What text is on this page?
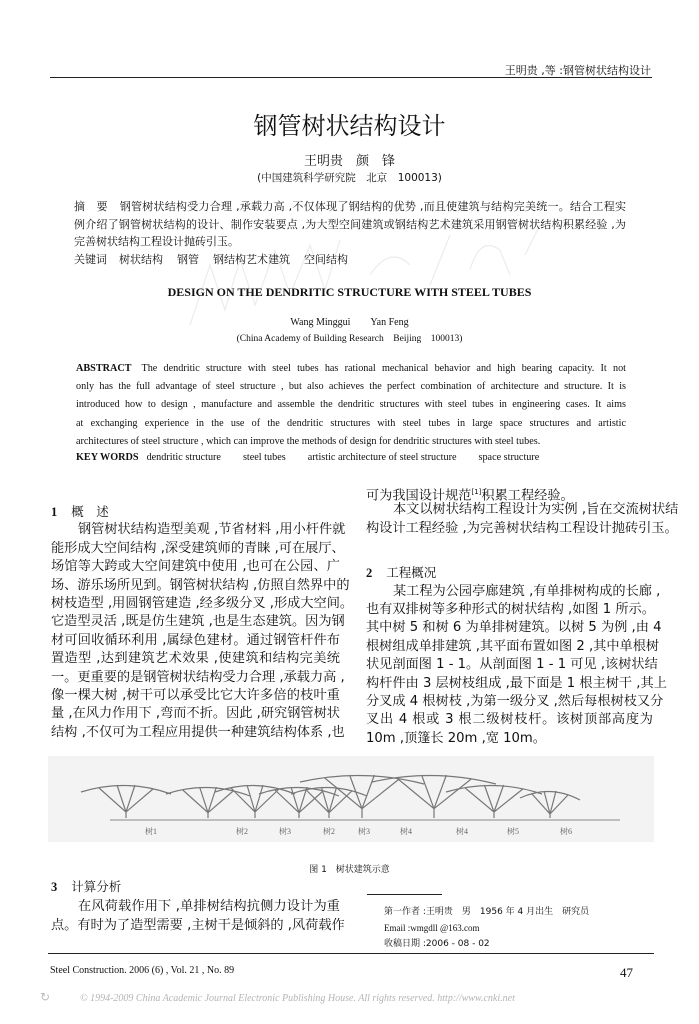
王明贵 ,等 :钢管树状结构设计
钢管树状结构设计
王明贵　颜　锋
(中国建筑科学研究院　北京　100013)
摘　要 钢管树状结构受力合理 ,承载力高 ,不仅体现了钢结构的优势 ,而且使建筑与结构完美统一。结合工程实
例介绍了钢管树状结构的设计、制作安装要点 ,为大型空间建筑或钢结构艺术建筑采用钢管树状结构积累经验 ,为
完善树状结构工程设计抛砖引玉。
关键词 树状结构 钢管 钢结构艺术建筑 空间结构
DESIGN ON THE DENDRITIC STRUCTURE WITH STEEL TUBES
Wang Minggui　　Yan Feng
(China Academy of Building Research　Beijing　100013)
ABSTRACT The dendritic structure with steel tubes has rational mechanical behavior and high bearing capacity. It not
only has the full advantage of steel structure , but also achieves the perfect combination of architecture and structure. It is
introduced how to design , manufacture and assemble the dendritic structures with steel tubes in engineering cases. It aims
at exchanging experience in the use of the dendritic structures with steel tubes in large space structures and artistic
architectures of steel structure , which can improve the methods of design for dendritic structures with steel tubes.
KEY WORDS dendritic structure steel tubes artistic architecture of steel structure space structure
1 概　述
钢管树状结构造型美观 ,节省材料 ,用小杆件就
能形成大空间结构 ,深受建筑师的青睐 ,可在展厅、
场馆等大跨或大空间建筑中使用 ,也可在公园、广
场、游乐场所见到。钢管树状结构 ,仿照自然界中的
树枝造型 ,用圆钢管建造 ,经多级分叉 ,形成大空间。
它造型灵活 ,既是仿生建筑 ,也是生态建筑。因为钢
材可回收循环利用 ,属绿色建材。通过钢管杆件布
置造型 ,达到建筑艺术效果 ,使建筑和结构完美统
一。更重要的是钢管树状结构受力合理 ,承载力高 ,
像一棵大树 ,树干可以承受比它大许多倍的枝叶重
量 ,在风力作用下 ,弯而不折。因此 ,研究钢管树状
结构 ,不仅可为工程应用提供一种建筑结构体系 ,也
可为我国设计规范[1]积累工程经验。
本文以树状结构工程设计为实例 ,旨在交流树状结
构设计工程经验 ,为完善树状结构工程设计抛砖引玉。
2 工程概况
某工程为公园亭廊建筑 ,有单排树构成的长廊 ,
也有双排树等多种形式的树状结构 ,如图 1 所示。
其中树 5 和树 6 为单排树建筑。以树 5 为例 ,由 4
根树组成单排建筑 ,其平面布置如图 2 ,其中单根树
状见剖面图 1 - 1。从剖面图 1 - 1 可见 ,该树状结
构杆件由 3 层树枝组成 ,最下面是 1 根主树干 ,其上
分叉成 4 根树枝 ,为第一级分叉 ,然后每根树枝又分
叉出 4 根或 3 根二级树枝杆。该树顶部高度为
10m ,顶篷长 20m ,宽 10m。
树1	树2	树3	树2	树3	树4	树4	树5	树6
图 1　树状建筑示意
3 计算分析
在风荷载作用下 ,单排树结构抗侧力设计为重
点。有时为了造型需要 ,主树干是倾斜的 ,风荷载作
第一作者 :王明贵　男　1956 年 4 月出生　研究员
Email :wmgdll @163.com
收稿日期 :2006 - 08 - 02
Steel Construction. 2006 (6) , Vol. 21 , No. 89	47
↻	© 1994-2009 China Academic Journal Electronic Publishing House. All rights reserved. http://www.cnki.net
